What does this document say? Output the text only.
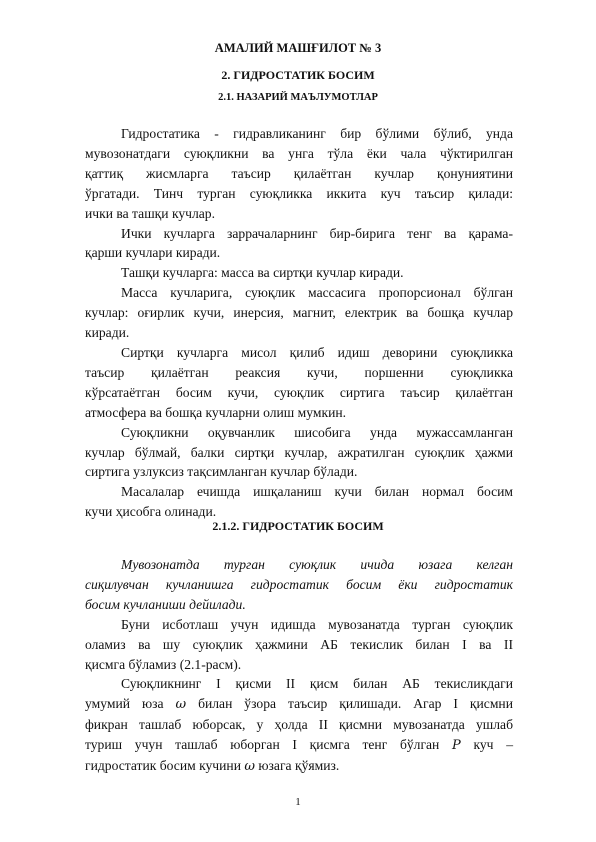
АМАЛИЙ МАШҒИЛОТ № 3
2. ГИДРОСТАТИК БОСИМ
2.1. НАЗАРИЙ МАЪЛУМОТЛАР
Гидростатика - гидравликанинг бир бўлими бўлиб, унда
мувозонатдаги суюқликни ва унга тўла ёки чала чўктирилган
қаттиқ жисмларга таъсир қилаётган кучлар қонуниятини
ўргатади. Тинч турган суюқликка иккита куч таъсир қилади:
ички ва ташқи кучлар.
Ички кучларга заррачаларнинг бир-бирига тенг ва қарама-
қарши кучлари киради.
Ташқи кучларга: масса ва сиртқи кучлар киради.
Масса кучларига, суюқлик массасига пропорсионал бўлган
кучлар: оғирлик кучи, инерсия, магнит, електрик ва бошқа кучлар
киради.
Сиртқи кучларга мисол қилиб идиш деворини суюқликка
таъсир қилаётган реаксия кучи, поршенни суюқликка
кўрсатаётган босим кучи, суюқлик сиртига таъсир қилаётган
атмосфера ва бошқа кучларни олиш мумкин.
Суюқликни оқувчанлик шисобига унда мужассамланган
кучлар бўлмай, балки сиртқи кучлар, ажратилган суюқлик ҳажми
сиртига узлуксиз тақсимланган кучлар бўлади.
Масалалар ечишда ишқаланиш кучи билан нормал босим
кучи ҳисобга олинади.
2.1.2. ГИДРОСТАТИК БОСИМ
Мувозонатда турган суюқлик ичида юзага келган
сиқилувчан кучланишга гидростатик босим ёки гидростатик
босим кучланиши дейилади.
Буни исботлаш учун идишда мувозанатда турган суюқлик
оламиз ва шу суюқлик ҳажмини АБ текислик билан I ва II
қисмга бўламиз (2.1-расм).
Суюқликнинг I қисми II қисм билан АБ текисликдаги
умумий юза ω билан ўзора таъсир қилишади. Агар I қисмни
фикран ташлаб юборсак, у ҳолда II қисмни мувозанатда ушлаб
туриш учун ташлаб юборган I қисмга тенг бўлган P куч –
гидростатик босим кучини ω юзага қўямиз.
1
